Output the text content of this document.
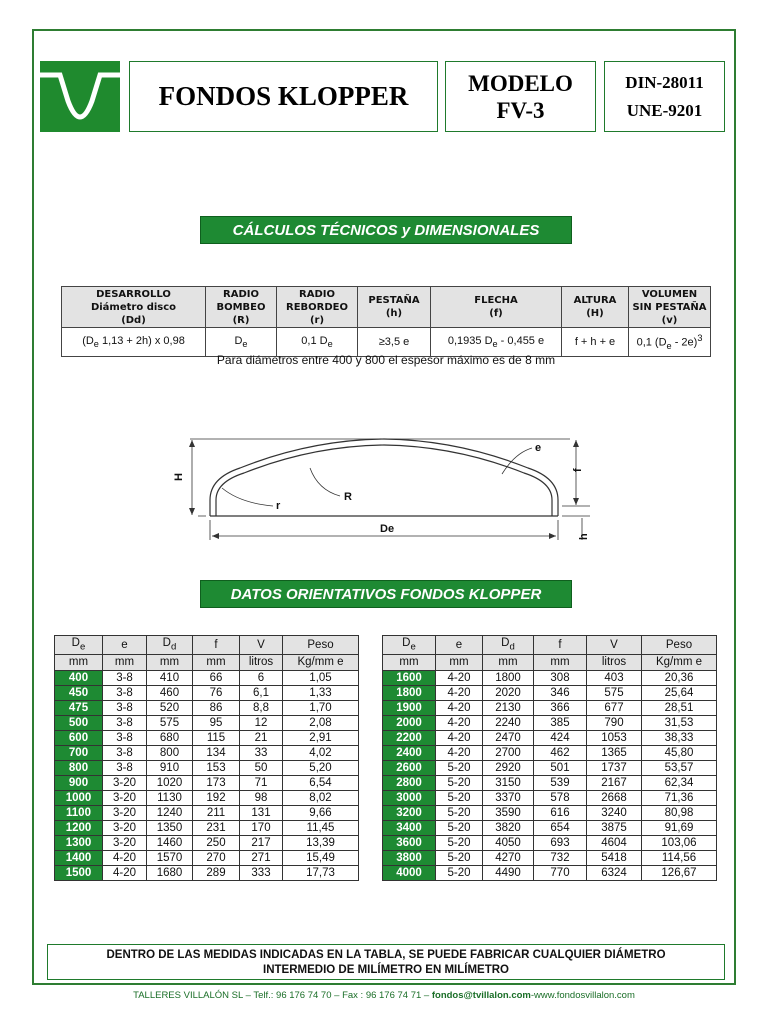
FONDOS KLOPPER	MODELO
FV-3
DIN-28011
UNE-9201
CÁLCULOS TÉCNICOS y DIMENSIONALES
DESARROLLO
Diámetro disco
(Dd)	RADIO
BOMBEO
(R)	RADIO
REBORDEO
(r)	PESTAÑA
(h)	FLECHA
(f)	ALTURA
(H)	VOLUMEN
SIN PESTAÑA
(v)
($D_e$ 1,13 + 2h) x 0,98	$D_e$	0,1 $D_e$	≥3,5 e	0,1935 $D_e - 0,455$ e	f + h + e	0,1 $(D_e - 2e)^3$
Para diámetros entre 400 y 800 el espesor máximo es de 8 mm
H
r
R
e
f
De
h
DATOS ORIENTATIVOS FONDOS KLOPPER
$D_e$	e	$D_d$	f	V	Peso
mm	mm	mm	mm	litros	Kg/mm e
400	3-8	410	66	6	1,05
450	3-8	460	76	6,1	1,33
475	3-8	520	86	8,8	1,70
500	3-8	575	95	12	2,08
600	3-8	680	115	21	2,91
700	3-8	800	134	33	4,02
800	3-8	910	153	50	5,20
900	3-20	1020	173	71	6,54
1000	3-20	1130	192	98	8,02
1100	3-20	1240	211	131	9,66
1200	3-20	1350	231	170	11,45
1300	3-20	1460	250	217	13,39
1400	4-20	1570	270	271	15,49
1500	4-20	1680	289	333	17,73
$D_e$	e	$D_d$	f	V	Peso
mm	mm	mm	mm	litros	Kg/mm e
1600	4-20	1800	308	403	20,36
1800	4-20	2020	346	575	25,64
1900	4-20	2130	366	677	28,51
2000	4-20	2240	385	790	31,53
2200	4-20	2470	424	1053	38,33
2400	4-20	2700	462	1365	45,80
2600	5-20	2920	501	1737	53,57
2800	5-20	3150	539	2167	62,34
3000	5-20	3370	578	2668	71,36
3200	5-20	3590	616	3240	80,98
3400	5-20	3820	654	3875	91,69
3600	5-20	4050	693	4604	103,06
3800	5-20	4270	732	5418	114,56
4000	5-20	4490	770	6324	126,67
DENTRO DE LAS MEDIDAS INDICADAS EN LA TABLA, SE PUEDE FABRICAR CUALQUIER DIÁMETRO
INTERMEDIO DE MILÍMETRO EN MILÍMETRO
TALLERES VILLALÓN SL – Telf.: 96 176 74 70 – Fax : 96 176 74 71 – fondos@tvillalon.com-www.fondosvillalon.com
